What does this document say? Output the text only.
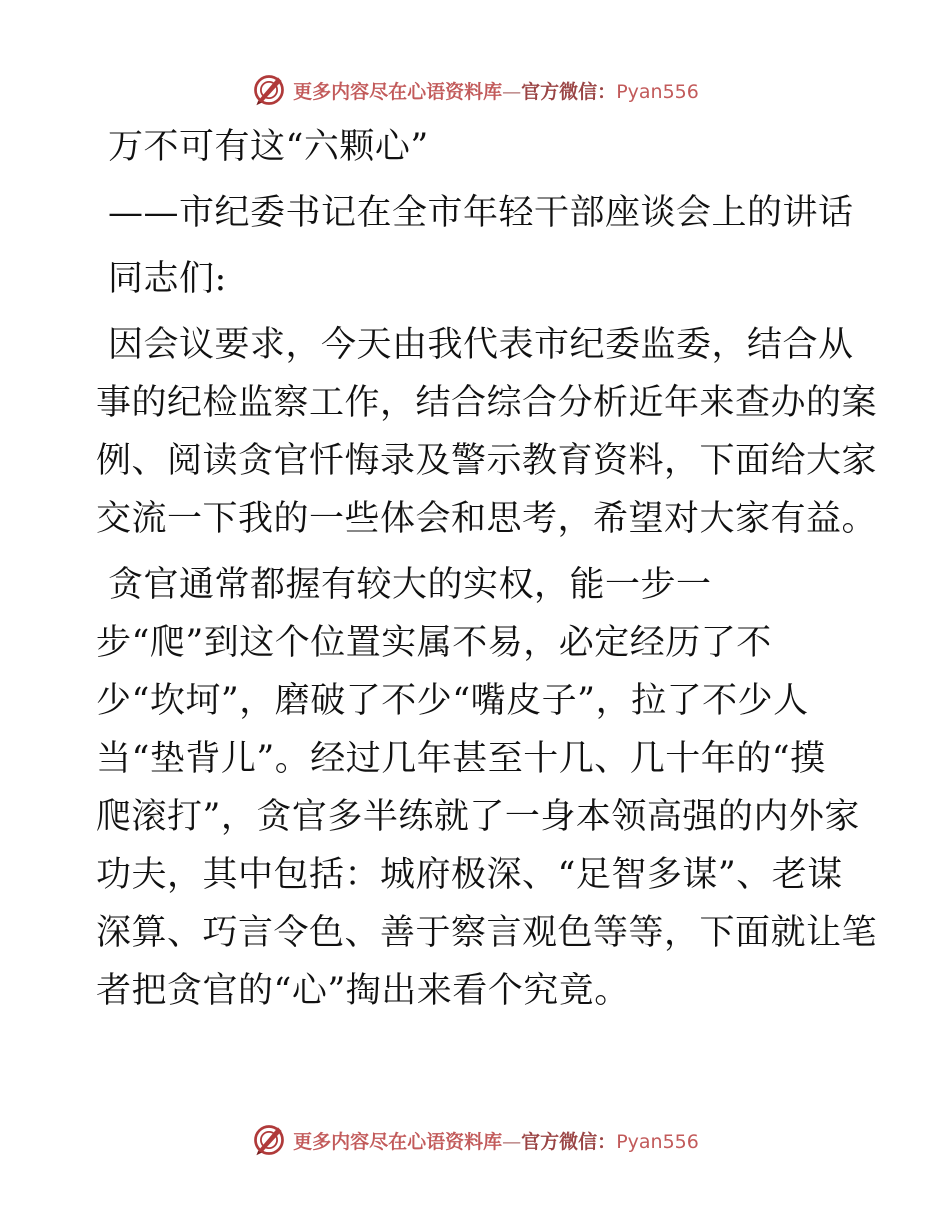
更多内容尽在心语资料库—官方微信：Pyan556
万不可有这“六颗心”
——市纪委书记在全市年轻干部座谈会上的讲话
同志们:
因会议要求，今天由我代表市纪委监委，结合从
事的纪检监察工作，结合综合分析近年来查办的案
例、阅读贪官忏悔录及警示教育资料，下面给大家
交流一下我的一些体会和思考，希望对大家有益。
贪官通常都握有较大的实权，能一步一
步“爬”到这个位置实属不易，必定经历了不
少“坎坷”，磨破了不少“嘴皮子”，拉了不少人
当“垫背儿”。经过几年甚至十几、几十年的“摸
爬滚打”，贪官多半练就了一身本领高强的内外家
功夫，其中包括：城府极深、“足智多谋”、老谋
深算、巧言令色、善于察言观色等等，下面就让笔
者把贪官的“心”掏出来看个究竟。
更多内容尽在心语资料库—官方微信：Pyan556
